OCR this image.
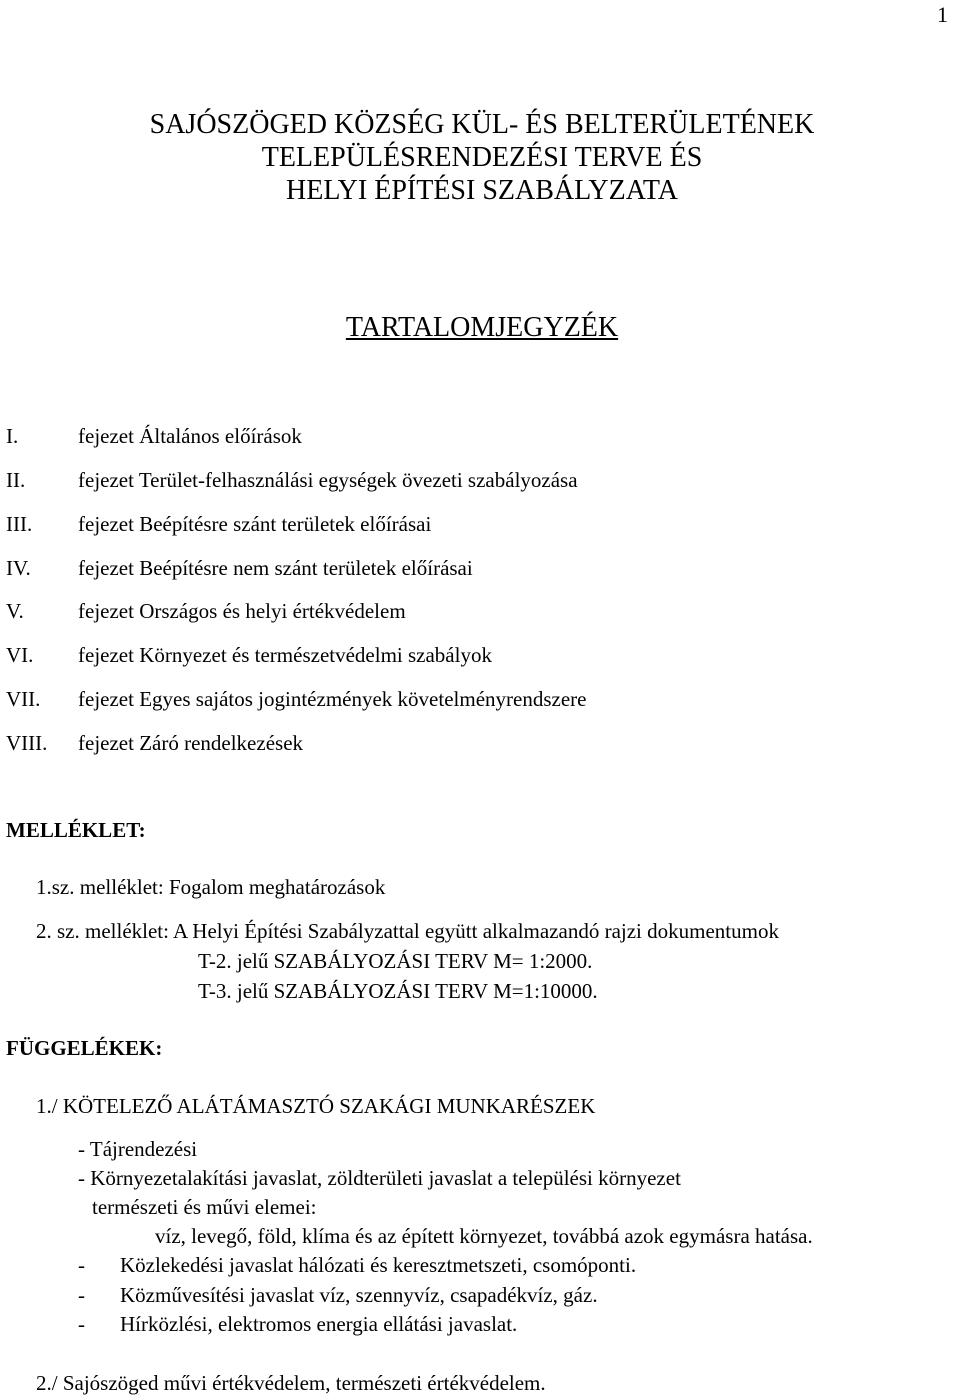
1
SAJÓSZÖGED KÖZSÉG KÜL- ÉS BELTERÜLETÉNEK
TELEPÜLÉSRENDEZÉSI TERVE ÉS
HELYI ÉPÍTÉSI SZABÁLYZATA
TARTALOMJEGYZÉK
I.	fejezet Általános előírások
II.	fejezet Terület-felhasználási egységek övezeti szabályozása
III. fejezet Beépítésre szánt területek előírásai
IV. fejezet Beépítésre nem szánt területek előírásai
V.	fejezet Országos és helyi értékvédelem
VI. fejezet Környezet és természetvédelmi szabályok
VII. fejezet Egyes sajátos jogintézmények követelményrendszere
VIII. fejezet Záró rendelkezések
MELLÉKLET:
1.sz. melléklet: Fogalom meghatározások
2. sz. melléklet: A Helyi Építési Szabályzattal együtt alkalmazandó rajzi dokumentumok
T-2. jelű SZABÁLYOZÁSI TERV M= 1:2000.
T-3. jelű SZABÁLYOZÁSI TERV M=1:10000.
FÜGGELÉKEK:
1./ KÖTELEZŐ ALÁTÁMASZTÓ SZAKÁGI MUNKARÉSZEK
- Tájrendezési
- Környezetalakítási javaslat, zöldterületi javaslat a települési környezet
természeti és művi elemei:
víz, levegő, föld, klíma és az épített környezet, továbbá azok egymásra hatása.
- Közlekedési javaslat hálózati és keresztmetszeti, csomóponti.
- Közművesítési javaslat víz, szennyvíz, csapadékvíz, gáz.
- Hírközlési, elektromos energia ellátási javaslat.
2./ Sajószöged művi értékvédelem, természeti értékvédelem.
